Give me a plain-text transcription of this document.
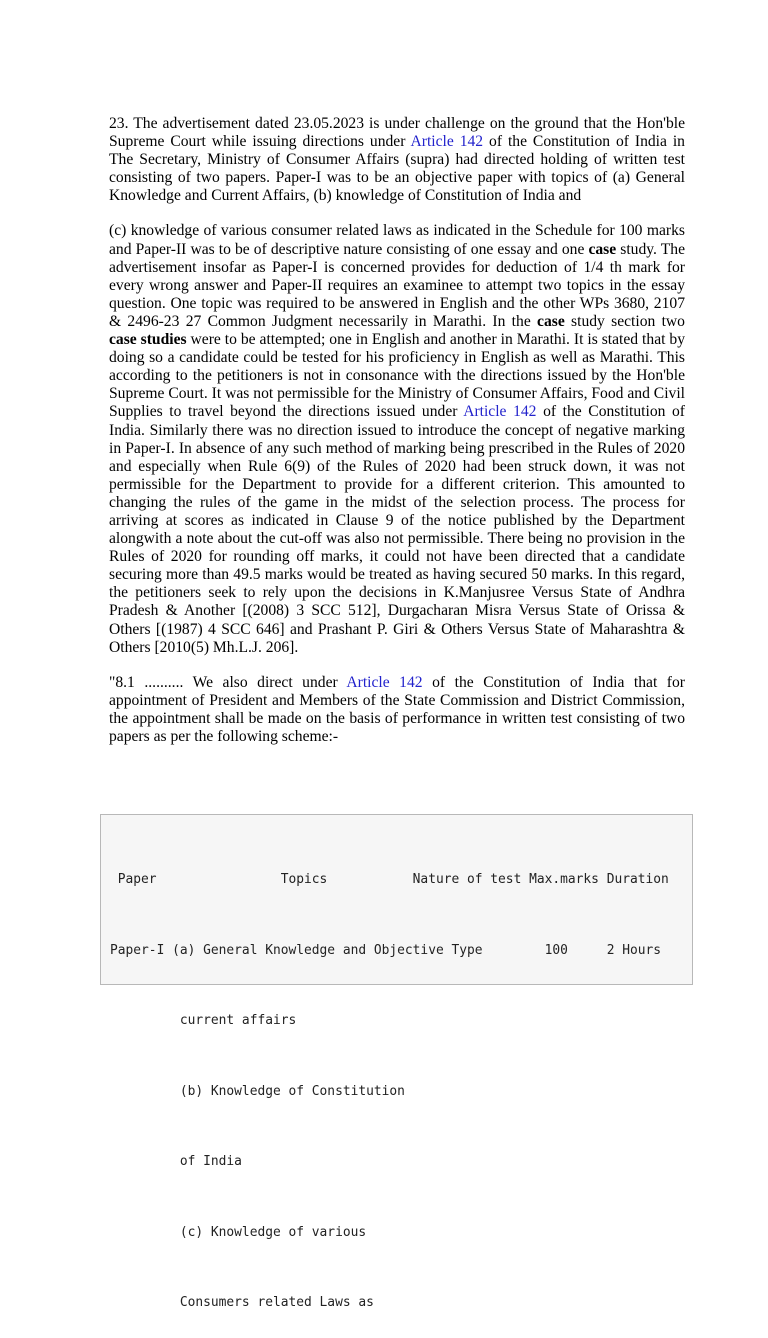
23. The advertisement dated 23.05.2023 is under challenge on the ground that the Hon'ble Supreme Court while issuing directions under Article 142 of the Constitution of India in The Secretary, Ministry of Consumer Affairs (supra) had directed holding of written test consisting of two papers. Paper-I was to be an objective paper with topics of (a) General Knowledge and Current Affairs, (b) knowledge of Constitution of India and

(c) knowledge of various consumer related laws as indicated in the Schedule for 100 marks and Paper-II was to be of descriptive nature consisting of one essay and one case study. The advertisement insofar as Paper-I is concerned provides for deduction of 1/4 th mark for every wrong answer and Paper-II requires an examinee to attempt two topics in the essay question. One topic was required to be answered in English and the other WPs 3680, 2107 & 2496-23 27 Common Judgment necessarily in Marathi. In the case study section two case studies were to be attempted; one in English and another in Marathi. It is stated that by doing so a candidate could be tested for his proficiency in English as well as Marathi. This according to the petitioners is not in consonance with the directions issued by the Hon'ble Supreme Court. It was not permissible for the Ministry of Consumer Affairs, Food and Civil Supplies to travel beyond the directions issued under Article 142 of the Constitution of India. Similarly there was no direction issued to introduce the concept of negative marking in Paper-I. In absence of any such method of marking being prescribed in the Rules of 2020 and especially when Rule 6(9) of the Rules of 2020 had been struck down, it was not permissible for the Department to provide for a different criterion. This amounted to changing the rules of the game in the midst of the selection process. The process for arriving at scores as indicated in Clause 9 of the notice published by the Department alongwith a note about the cut-off was also not permissible. There being no provision in the Rules of 2020 for rounding off marks, it could not have been directed that a candidate securing more than 49.5 marks would be treated as having secured 50 marks. In this regard, the petitioners seek to rely upon the decisions in K.Manjusree Versus State of Andhra Pradesh & Another [(2008) 3 SCC 512], Durgacharan Misra Versus State of Orissa & Others [(1987) 4 SCC 646] and Prashant P. Giri & Others Versus State of Maharashtra & Others [2010(5) Mh.L.J. 206].

"8.1 .......... We also direct under Article 142 of the Constitution of India that for appointment of President and Members of the State Commission and District Commission, the appointment shall be made on the basis of performance in written test consisting of two papers as per the following scheme:-

Paper                Topics           Nature of test Max.marks Duration

Paper-I (a) General Knowledge and Objective Type        100     2 Hours

current affairs

(b) Knowledge of Constitution

of India

(c) Knowledge of various

Consumers related Laws as
